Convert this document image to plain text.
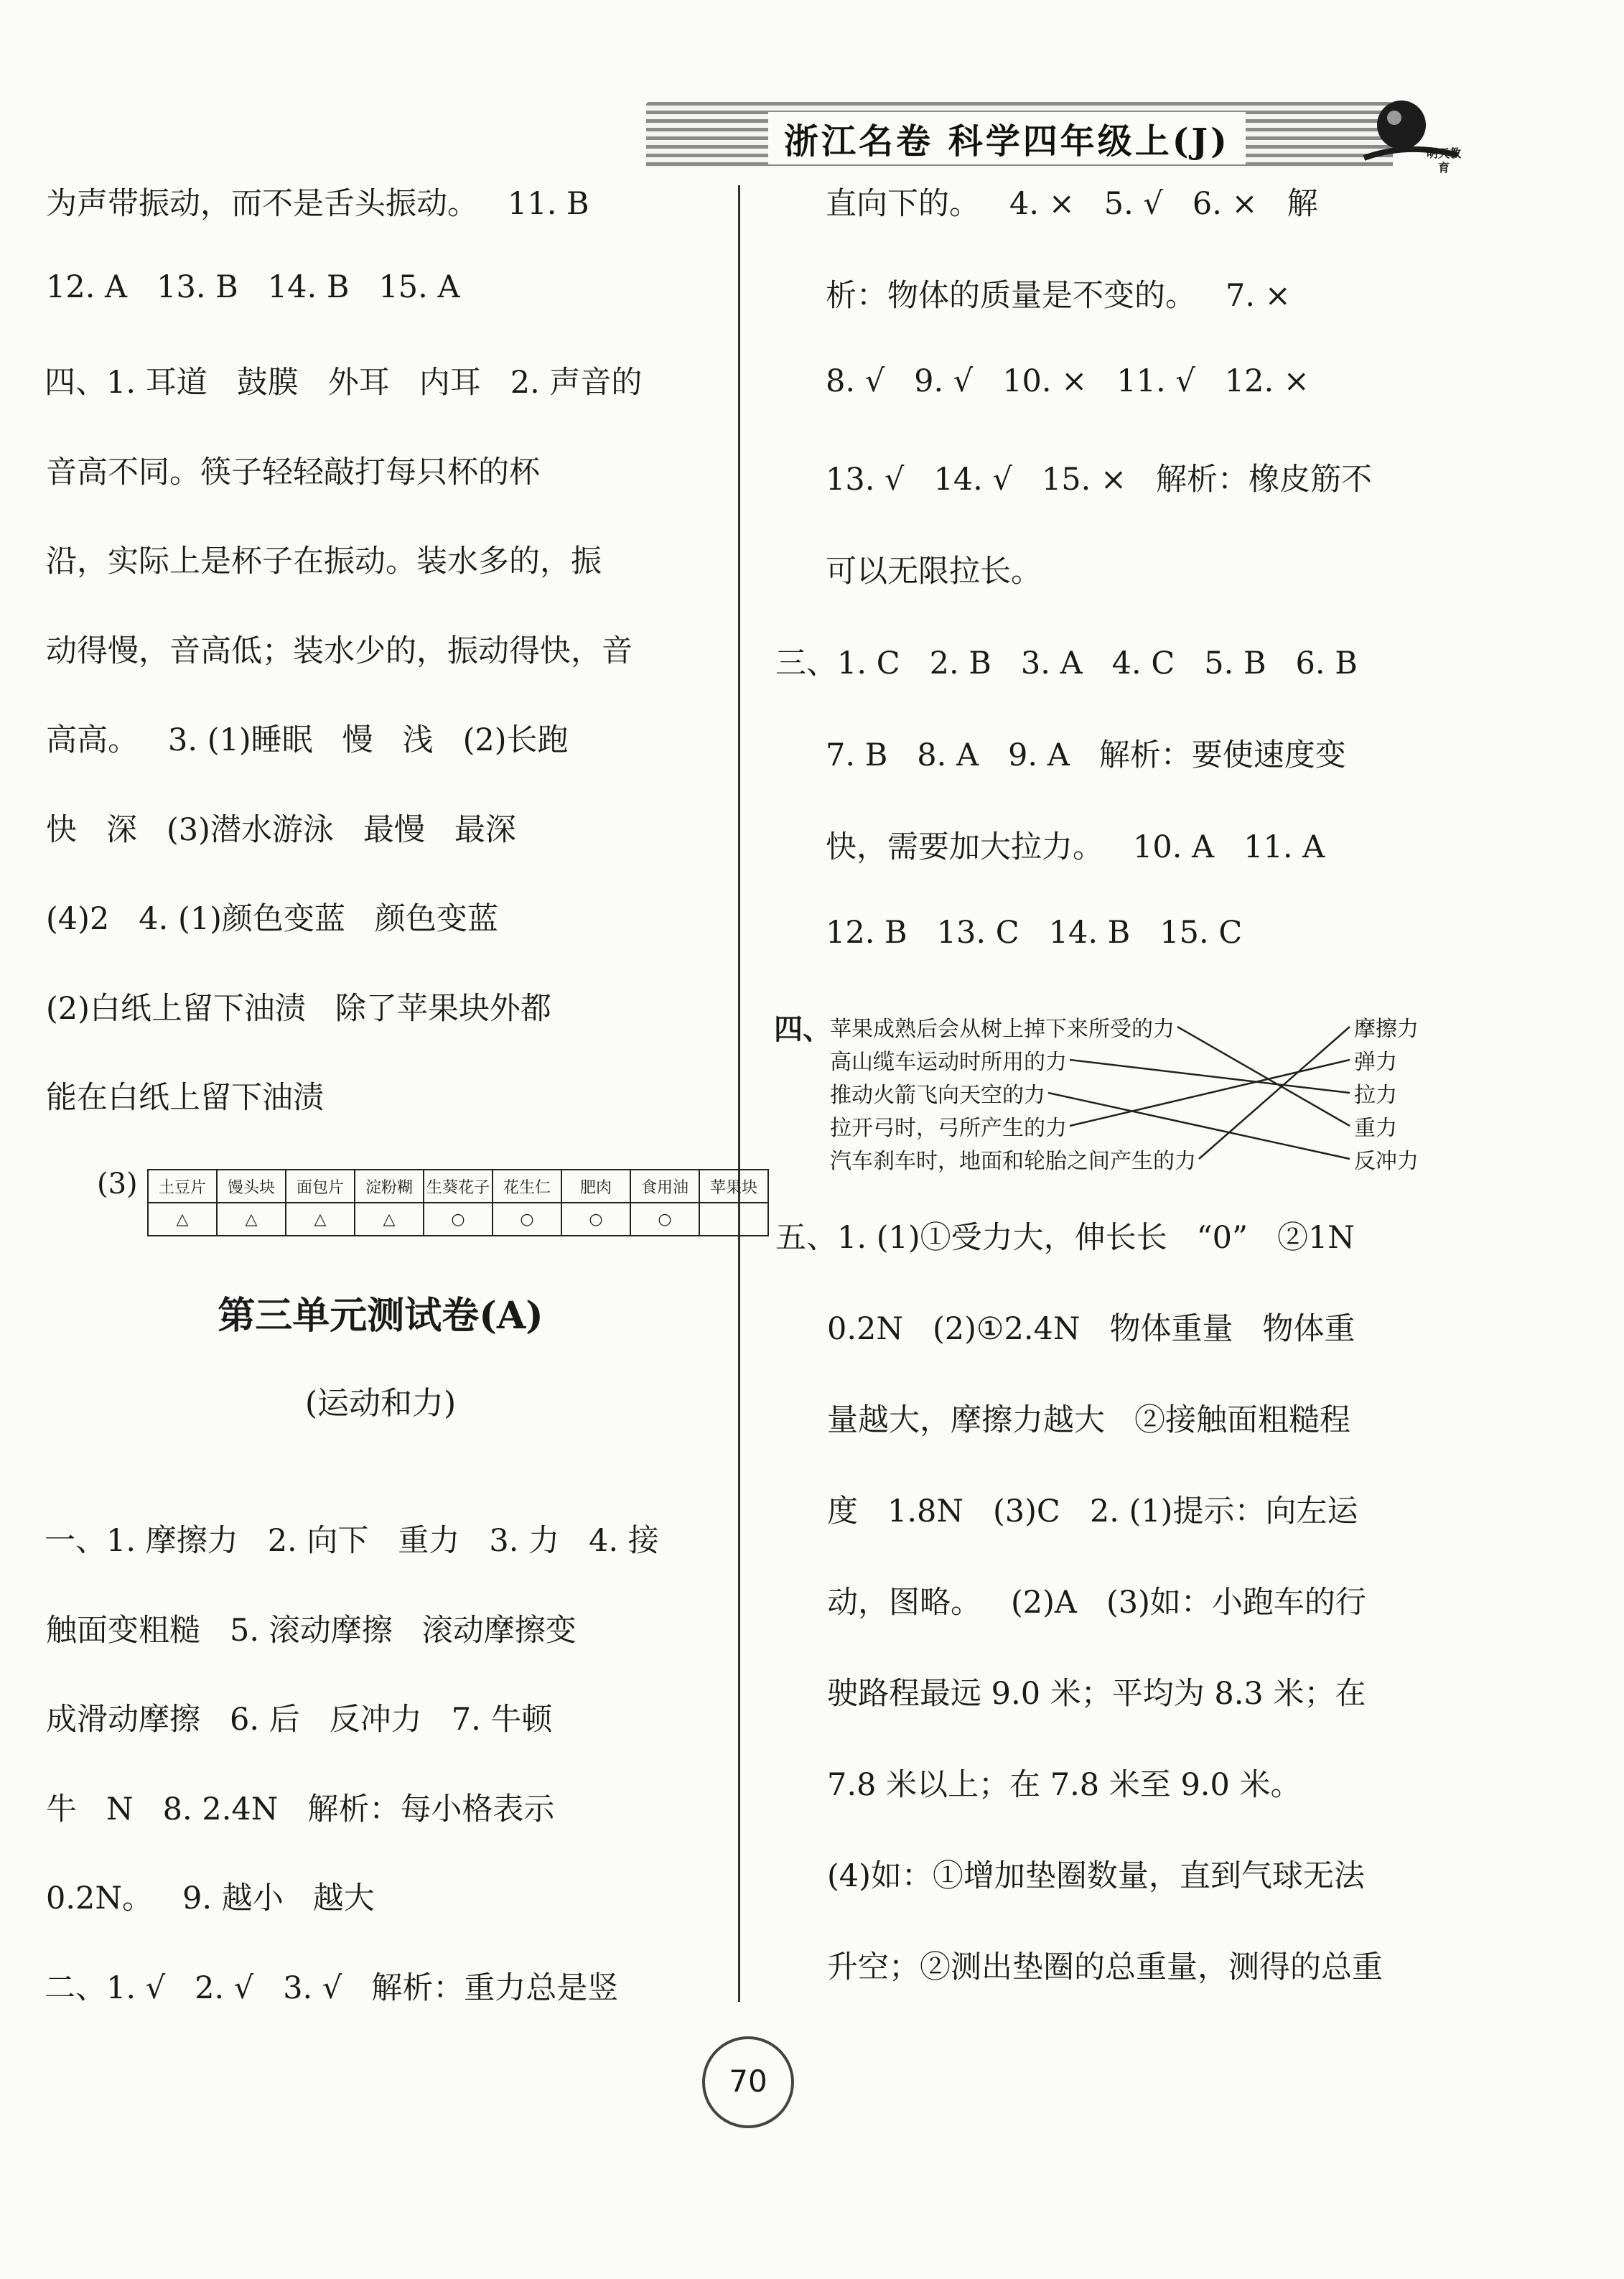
浙江名卷 科学四年级上(J)	明天教育
为声带振动，而不是舌头振动。   11. B
12. A   13. B   14. B   15. A
四、1. 耳道   鼓膜   外耳   内耳   2. 声音的
音高不同。筷子轻轻敲打每只杯的杯
沿，实际上是杯子在振动。装水多的，振
动得慢，音高低；装水少的，振动得快，音
高高。   3. (1)睡眠   慢   浅   (2)长跑
快   深   (3)潜水游泳   最慢   最深
(4)2   4. (1)颜色变蓝   颜色变蓝
(2)白纸上留下油渍   除了苹果块外都
能在白纸上留下油渍
(3) 土豆片	馒头块	面包片	淀粉糊	生葵花子	花生仁	肥肉	食用油	苹果块
△	△	△	△	○	○	○	○	
第三单元测试卷(A)
(运动和力)
一、1. 摩擦力   2. 向下   重力   3. 力   4. 接
触面变粗糙   5. 滚动摩擦   滚动摩擦变
成滑动摩擦   6. 后   反冲力   7. 牛顿
牛   N   8. 2.4N   解析：每小格表示
0.2N。   9. 越小   越大
二、1. √   2. √   3. √   解析：重力总是竖
直向下的。   4. ×   5. √   6. ×   解
析：物体的质量是不变的。   7. ×
8. √   9. √   10. ×   11. √   12. ×
13. √   14. √   15. ×   解析：橡皮筋不
可以无限拉长。
三、1. C   2. B   3. A   4. C   5. B   6. B
7. B   8. A   9. A   解析：要使速度变
快，需要加大拉力。   10. A   11. A
12. B   13. C   14. B   15. C
四、
苹果成熟后会从树上掉下来所受的力
高山缆车运动时所用的力
推动火箭飞向天空的力
拉开弓时，弓所产生的力
汽车刹车时，地面和轮胎之间产生的力
摩擦力
弹力
拉力
重力
反冲力
五、1. (1)①受力大，伸长长   “0”   ②1N
0.2N   (2)①2.4N   物体重量   物体重
量越大，摩擦力越大   ②接触面粗糙程
度   1.8N   (3)C   2. (1)提示：向左运
动，图略。   (2)A   (3)如：小跑车的行
驶路程最远 9.0 米；平均为 8.3 米；在
7.8 米以上；在 7.8 米至 9.0 米。
(4)如：①增加垫圈数量，直到气球无法
升空；②测出垫圈的总重量，测得的总重
70
